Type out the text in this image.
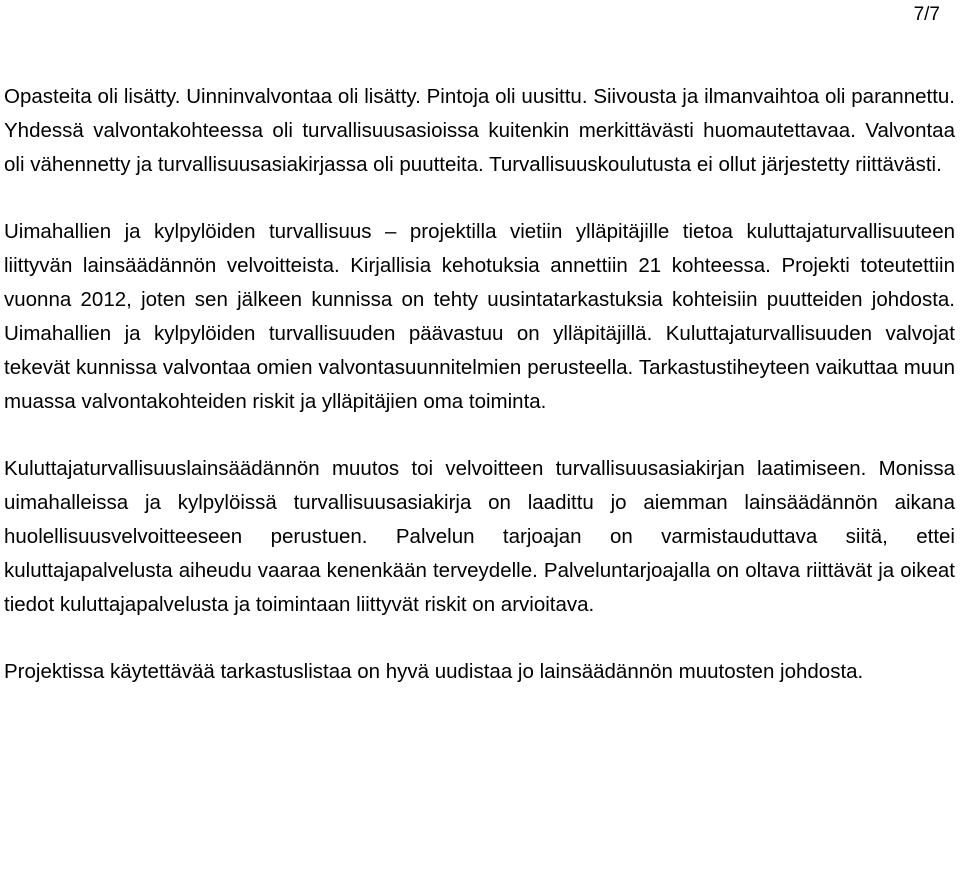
7/7

Opasteita oli lisätty. Uinninvalvontaa oli lisätty. Pintoja oli uusittu. Siivousta ja ilmanvaihtoa oli parannettu. Yhdessä valvontakohteessa oli turvallisuusasioissa kuitenkin merkittävästi huomautettavaa. Valvontaa oli vähennetty ja turvallisuusasiakirjassa oli puutteita. Turvallisuuskoulutusta ei ollut järjestetty riittävästi.

Uimahallien ja kylpylöiden turvallisuus – projektilla vietiin ylläpitäjille tietoa kuluttajaturvallisuuteen liittyvän lainsäädännön velvoitteista. Kirjallisia kehotuksia annettiin 21 kohteessa. Projekti toteutettiin vuonna 2012, joten sen jälkeen kunnissa on tehty uusintatarkastuksia kohteisiin puutteiden johdosta. Uimahallien ja kylpylöiden turvallisuuden päävastuu on ylläpitäjillä. Kuluttajaturvallisuuden valvojat tekevät kunnissa valvontaa omien valvontasuunnitelmien perusteella. Tarkastustiheyteen vaikuttaa muun muassa valvontakohteiden riskit ja ylläpitäjien oma toiminta.

Kuluttajaturvallisuuslainsäädännön muutos toi velvoitteen turvallisuusasiakirjan laatimiseen. Monissa uimahalleissa ja kylpylöissä turvallisuusasiakirja on laadittu jo aiemman lainsäädännön aikana huolellisuusvelvoitteeseen perustuen. Palvelun tarjoajan on varmistauduttava siitä, ettei kuluttajapalvelusta aiheudu vaaraa kenenkään terveydelle. Palveluntarjoajalla on oltava riittävät ja oikeat tiedot kuluttajapalvelusta ja toimintaan liittyvät riskit on arvioitava.

Projektissa käytettävää tarkastuslistaa on hyvä uudistaa jo lainsäädännön muutosten johdosta.
